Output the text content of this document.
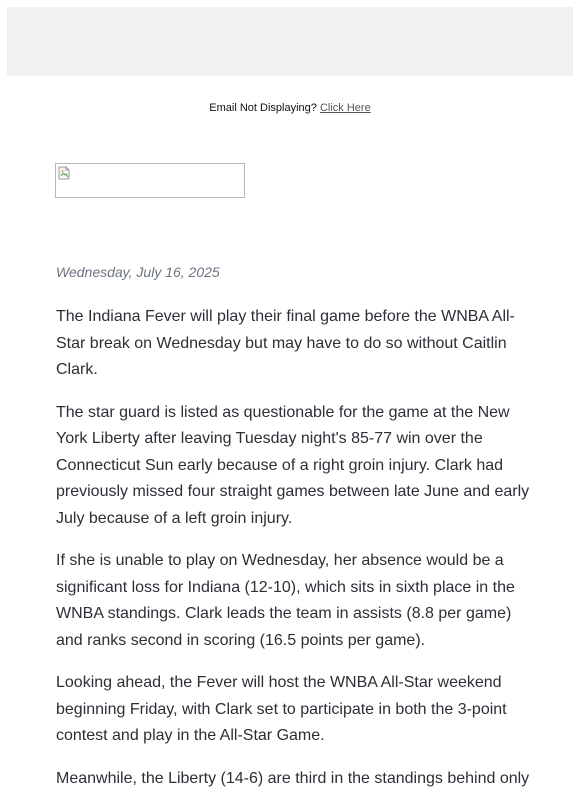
Email Not Displaying? Click Here
Wednesday, July 16, 2025

The Indiana Fever will play their final game before the WNBA All-Star break on Wednesday but may have to do so without Caitlin Clark.

The star guard is listed as questionable for the game at the New York Liberty after leaving Tuesday night's 85-77 win over the Connecticut Sun early because of a right groin injury. Clark had previously missed four straight games between late June and early July because of a left groin injury.

If she is unable to play on Wednesday, her absence would be a significant loss for Indiana (12-10), which sits in sixth place in the WNBA standings. Clark leads the team in assists (8.8 per game) and ranks second in scoring (16.5 points per game).

Looking ahead, the Fever will host the WNBA All-Star weekend beginning Friday, with Clark set to participate in both the 3-point contest and play in the All-Star Game.

Meanwhile, the Liberty (14-6) are third in the standings behind only
